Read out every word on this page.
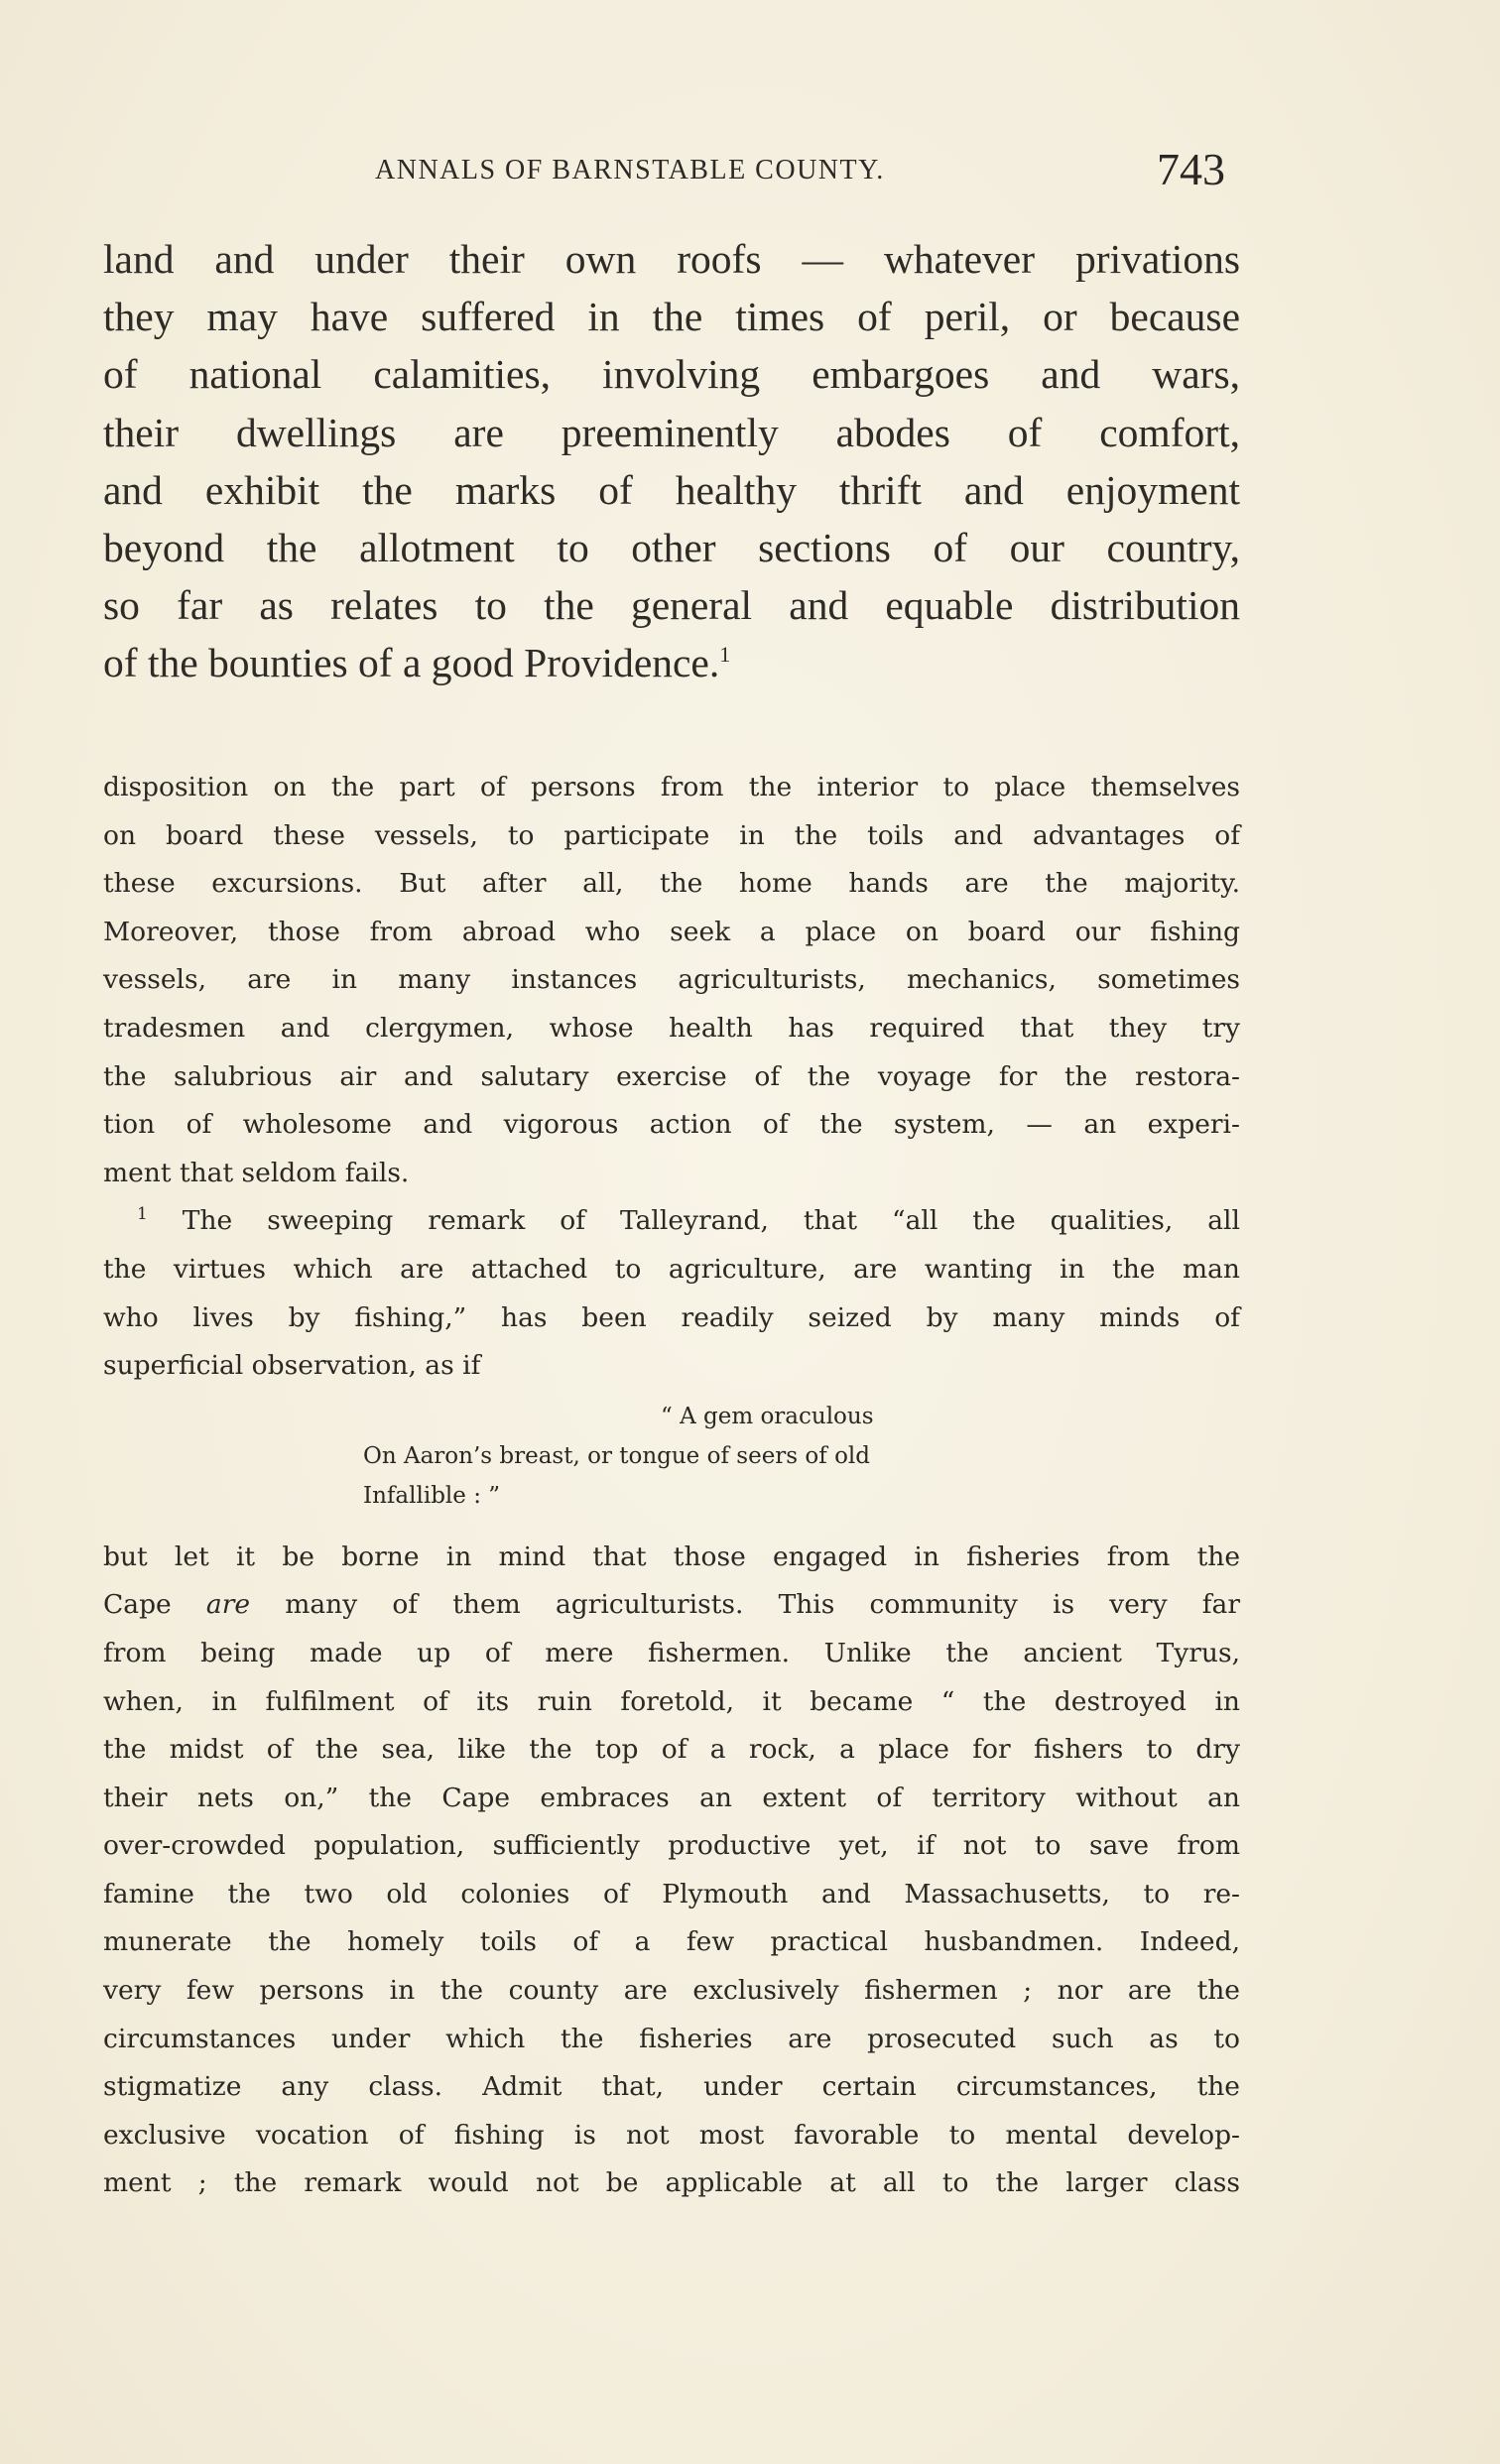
ANNALS OF BARNSTABLE COUNTY.	743
land and under their own roofs — whatever privations
they may have suffered in the times of peril, or because
of national calamities, involving embargoes and wars,
their dwellings are preeminently abodes of comfort,
and exhibit the marks of healthy thrift and enjoyment
beyond the allotment to other sections of our country,
so far as relates to the general and equable distribution
of the bounties of a good Providence.$^1$
disposition on the part of persons from the interior to place themselves
on board these vessels, to participate in the toils and advantages of
these excursions. But after all, the home hands are the majority.
Moreover, those from abroad who seek a place on board our fishing
vessels, are in many instances agriculturists, mechanics, sometimes
tradesmen and clergymen, whose health has required that they try
the salubrious air and salutary exercise of the voyage for the restora-
tion of wholesome and vigorous action of the system, — an experi-
ment that seldom fails.
$^1$ The sweeping remark of Talleyrand, that “all the qualities, all
the virtues which are attached to agriculture, are wanting in the man
who lives by fishing,” has been readily seized by many minds of
superficial observation, as if
“ A gem oraculous
On Aaron’s breast, or tongue of seers of old
Infallible : ”
but let it be borne in mind that those engaged in fisheries from the
Cape are many of them agriculturists. This community is very far
from being made up of mere fishermen. Unlike the ancient Tyrus,
when, in fulfilment of its ruin foretold, it became “ the destroyed in
the midst of the sea, like the top of a rock, a place for fishers to dry
their nets on,” the Cape embraces an extent of territory without an
over-crowded population, sufficiently productive yet, if not to save from
famine the two old colonies of Plymouth and Massachusetts, to re-
munerate the homely toils of a few practical husbandmen. Indeed,
very few persons in the county are exclusively fishermen ; nor are the
circumstances under which the fisheries are prosecuted such as to
stigmatize any class. Admit that, under certain circumstances, the
exclusive vocation of fishing is not most favorable to mental develop-
ment ; the remark would not be applicable at all to the larger class
